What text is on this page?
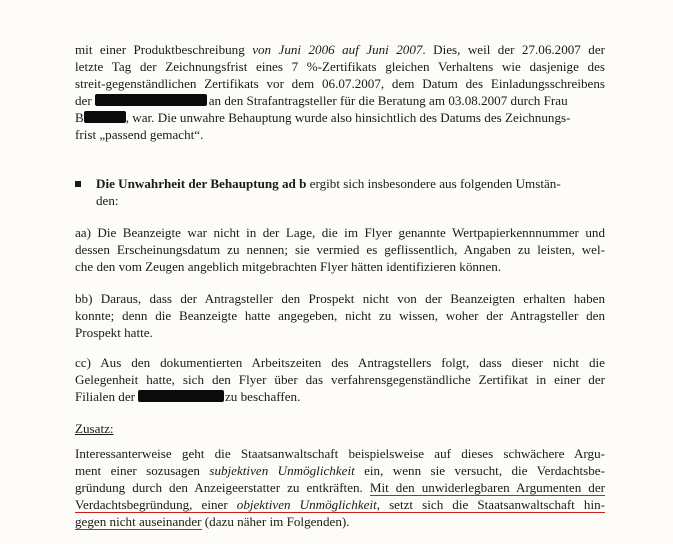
mit einer Produktbeschreibung von Juni 2006 auf Juni 2007. Dies, weil der 27.06.2007 der
letzte Tag der Zeichnungsfrist eines 7 %-Zertifikats gleichen Verhaltens wie dasjenige des
streit-gegenständlichen Zertifikats vor dem 06.07.2007, dem Datum des Einladungsschreibens
der	an den Strafantragsteller für die Beratung am 03.08.2007 durch Frau
B	, war. Die unwahre Behauptung wurde also hinsichtlich des Datums des Zeichnungs-
frist „passend gemacht“.
Die Unwahrheit der Behauptung ad b ergibt sich insbesondere aus folgenden Umstän-
den:
aa) Die Beanzeigte war nicht in der Lage, die im Flyer genannte Wertpapierkennnummer und
dessen Erscheinungsdatum zu nennen; sie vermied es geflissentlich, Angaben zu leisten, wel-
che den vom Zeugen angeblich mitgebrachten Flyer hätten identifizieren können.
bb) Daraus, dass der Antragsteller den Prospekt nicht von der Beanzeigten erhalten haben
konnte; denn die Beanzeigte hatte angegeben, nicht zu wissen, woher der Antragsteller den
Prospekt hatte.
cc) Aus den dokumentierten Arbeitszeiten des Antragstellers folgt, dass dieser nicht die
Gelegenheit hatte, sich den Flyer über das verfahrensgegenständliche Zertifikat in einer der
Filialen der	zu beschaffen.
Zusatz:
Interessanterweise geht die Staatsanwaltschaft beispielsweise auf dieses schwächere Argu-
ment einer sozusagen subjektiven Unmöglichkeit ein, wenn sie versucht, die Verdachtsbe-
gründung durch den Anzeigeerstatter zu entkräften. Mit den unwiderlegbaren Argumenten der
Verdachtsbegründung, einer objektiven Unmöglichkeit, setzt sich die Staatsanwaltschaft hin-
gegen nicht auseinander (dazu näher im Folgenden).
